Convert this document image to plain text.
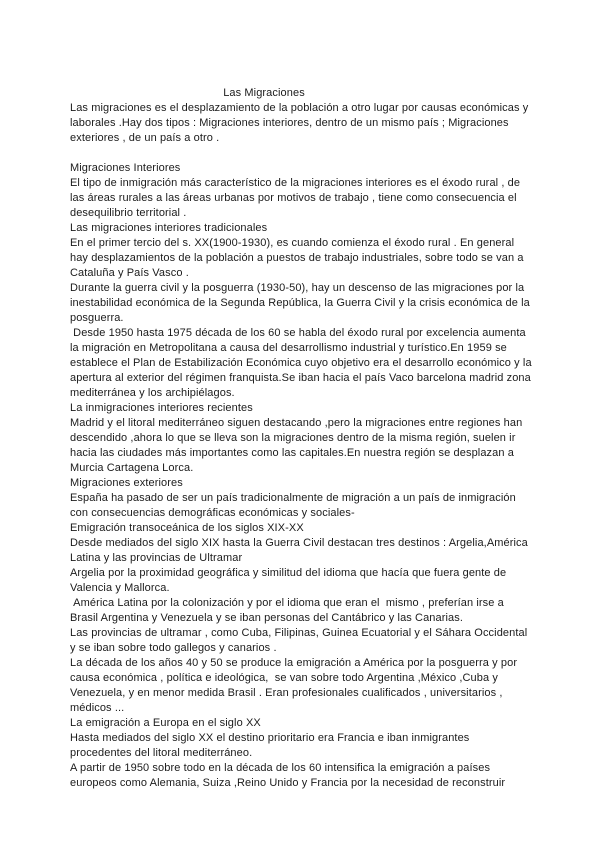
Las Migraciones

Las migraciones es el desplazamiento de la población a otro lugar por causas económicas y laborales .Hay dos tipos : Migraciones interiores, dentro de un mismo país ; Migraciones exteriores , de un país a otro .

Migraciones Interiores

El tipo de inmigración más característico de la migraciones interiores es el éxodo rural , de las áreas rurales a las áreas urbanas por motivos de trabajo , tiene como consecuencia el desequilibrio territorial .

Las migraciones interiores tradicionales

En el primer tercio del s. XX(1900-1930), es cuando comienza el éxodo rural . En general hay desplazamientos de la población a puestos de trabajo industriales, sobre todo se van a Cataluña y País Vasco .

Durante la guerra civil y la posguerra (1930-50), hay un descenso de las migraciones por la inestabilidad económica de la Segunda República, la Guerra Civil y la crisis económica de la posguerra.

Desde 1950 hasta 1975 década de los 60 se habla del éxodo rural por excelencia aumenta la migración en Metropolitana a causa del desarrollismo industrial y turístico.En 1959 se establece el Plan de Estabilización Económica cuyo objetivo era el desarrollo económico y la apertura al exterior del régimen franquista.Se iban hacia el país Vaco barcelona madrid zona mediterránea y los archipiélagos.

La inmigraciones interiores recientes

Madrid y el litoral mediterráneo siguen destacando ,pero la migraciones entre regiones han descendido ,ahora lo que se lleva son la migraciones dentro de la misma región, suelen ir hacia las ciudades más importantes como las capitales.En nuestra región se desplazan a Murcia Cartagena Lorca.

Migraciones exteriores

España ha pasado de ser un país tradicionalmente de migración a un país de inmigración con consecuencias demográficas económicas y sociales-

Emigración transoceánica de los siglos XIX-XX

Desde mediados del siglo XIX hasta la Guerra Civil destacan tres destinos : Argelia,América Latina y las provincias de Ultramar

Argelia por la proximidad geográfica y similitud del idioma que hacía que fuera gente de Valencia y Mallorca.

América Latina por la colonización y por el idioma que eran el  mismo , preferían irse a Brasil Argentina y Venezuela y se iban personas del Cantábrico y las Canarias.

Las provincias de ultramar , como Cuba, Filipinas, Guinea Ecuatorial y el Sáhara Occidental y se iban sobre todo gallegos y canarios .

La década de los años 40 y 50 se produce la emigración a América por la posguerra y por causa económica , política e ideológica,  se van sobre todo Argentina ,México ,Cuba y Venezuela, y en menor medida Brasil . Eran profesionales cualificados , universitarios , médicos ...

La emigración a Europa en el siglo XX

Hasta mediados del siglo XX el destino prioritario era Francia e iban inmigrantes procedentes del litoral mediterráneo.

A partir de 1950 sobre todo en la década de los 60 intensifica la emigración a países europeos como Alemania, Suiza ,Reino Unido y Francia por la necesidad de reconstruir
